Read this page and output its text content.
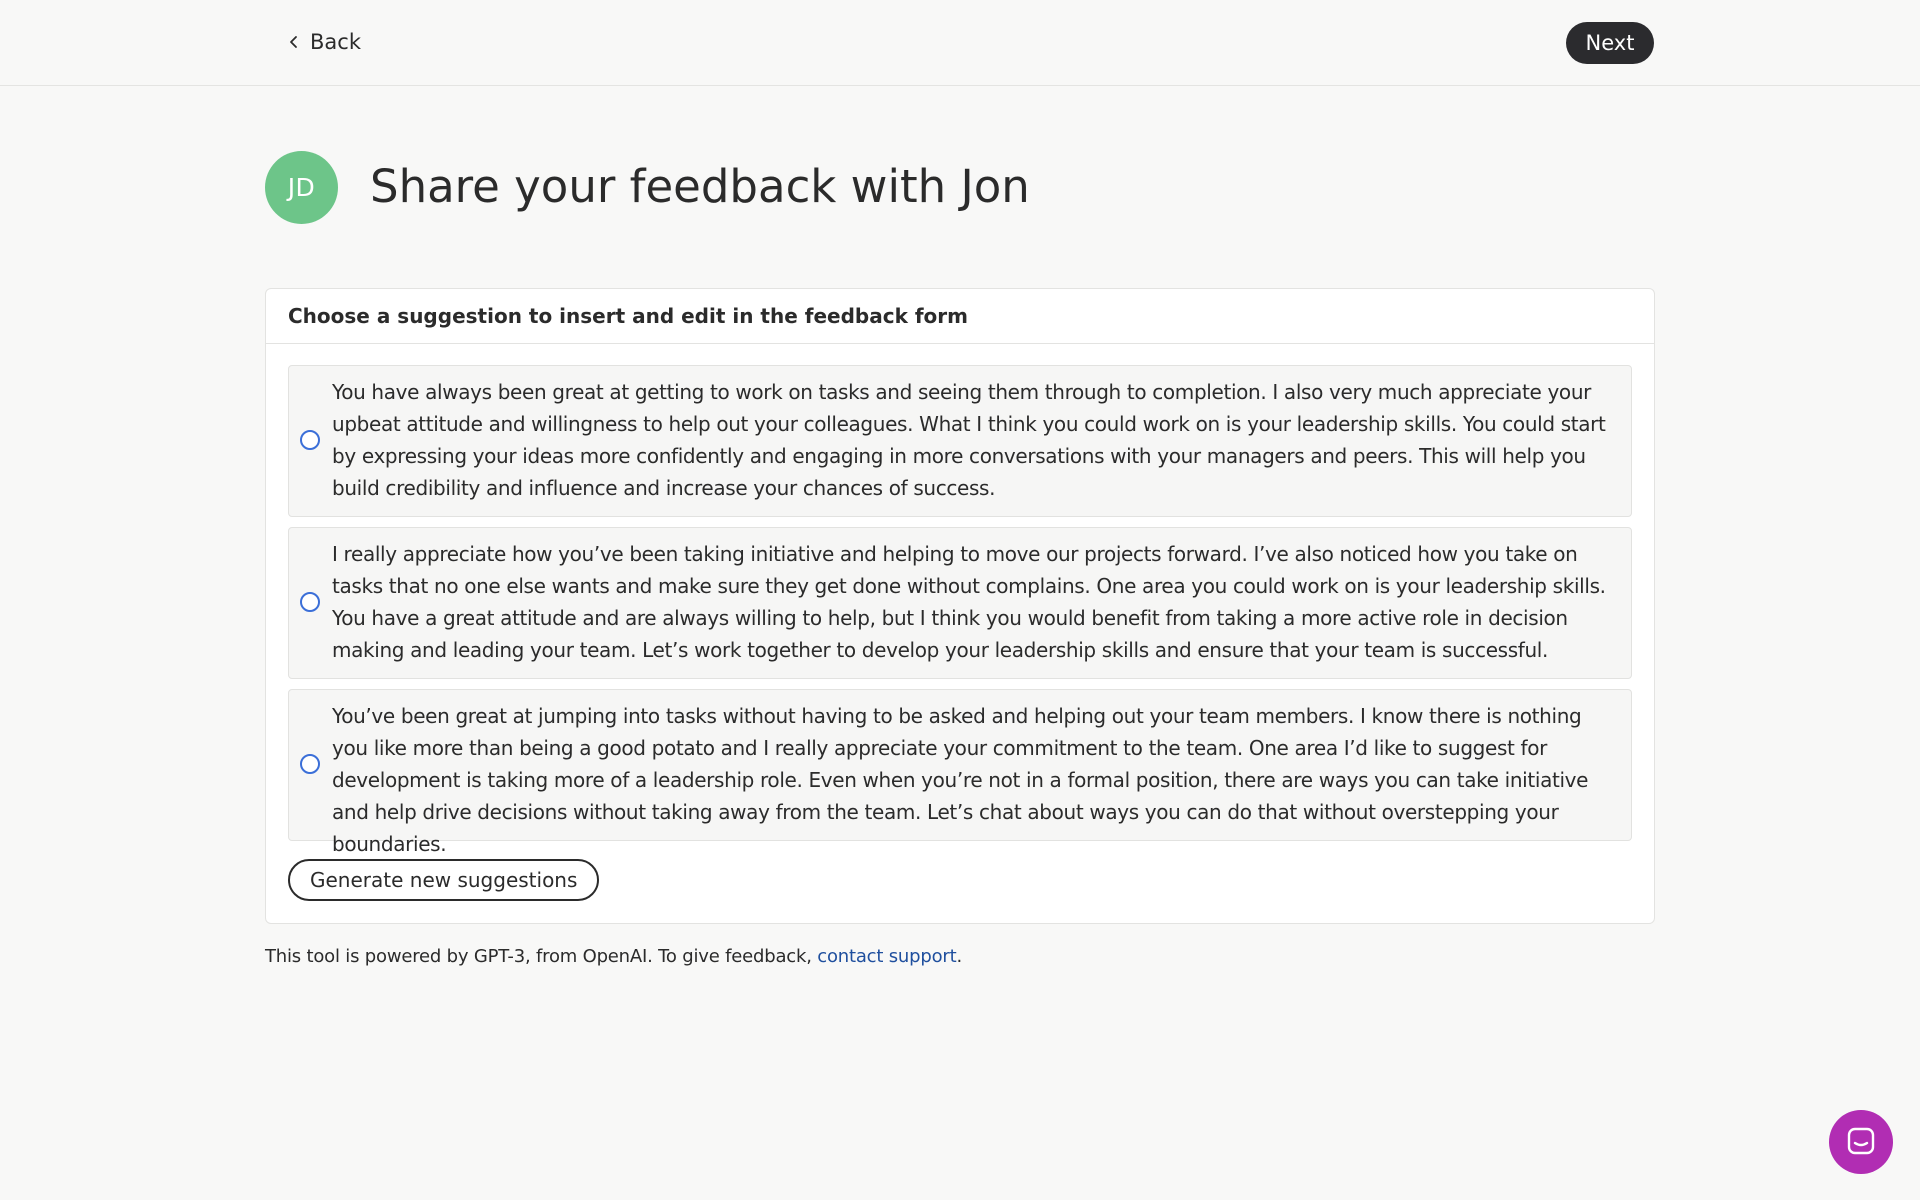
Back	Next
JD	Share your feedback with Jon
Choose a suggestion to insert and edit in the feedback form
You have always been great at getting to work on tasks and seeing them through to completion. I also very much appreciate your upbeat attitude and willingness to help out your colleagues. What I think you could work on is your leadership skills. You could start by expressing your ideas more confidently and engaging in more conversations with your managers and peers. This will help you build credibility and influence and increase your chances of success.
I really appreciate how you’ve been taking initiative and helping to move our projects forward. I’ve also noticed how you take on tasks that no one else wants and make sure they get done without complains. One area you could work on is your leadership skills. You have a great attitude and are always willing to help, but I think you would benefit from taking a more active role in decision making and leading your team. Let’s work together to develop your leadership skills and ensure that your team is successful.
You’ve been great at jumping into tasks without having to be asked and helping out your team members. I know there is nothing you like more than being a good potato and I really appreciate your commitment to the team. One area I’d like to suggest for development is taking more of a leadership role. Even when you’re not in a formal position, there are ways you can take initiative and help drive decisions without taking away from the team. Let’s chat about ways you can do that without overstepping your boundaries.
Generate new suggestions
This tool is powered by GPT-3, from OpenAI. To give feedback, contact support.
